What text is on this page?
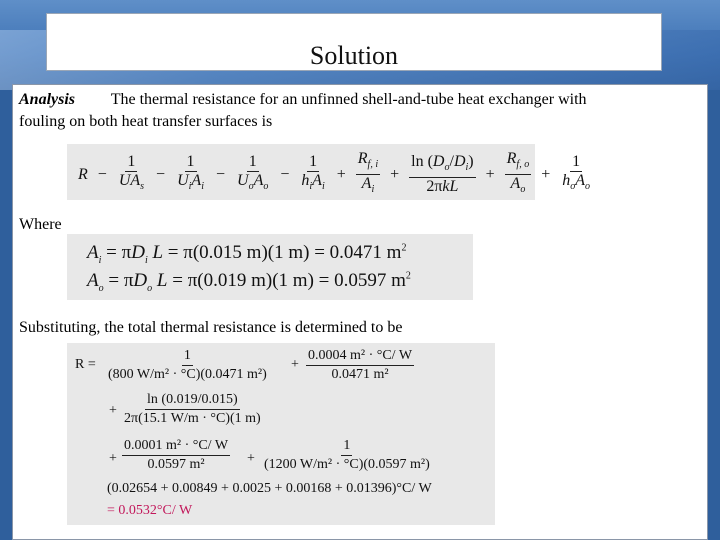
Solution
Analysis The thermal resistance for an unfinned shell-and-tube heat exchanger with
fouling on both heat transfer surfaces is
$R - \frac{1}{UA_s} - \frac{1}{U_iA_i} - \frac{1}{U_oA_o} - \frac{1}{h_iA_i} + \frac{R_{f, i}}{A_i} + \frac{\ln (D_o/D_i)}{\text{2πkL}} + \frac{R_{f, o}}{A_o} + \frac{1}{h_oA_o}$
Where
$A_i = \pi D_i$ L = π(0.015 m)(1 m) = 0.0471 $m^2$
$A_o = \pi D_o$ L = π(0.019 m)(1 m) = 0.0597 $m^2$
Substituting, the total thermal resistance is determined to be
$R = \frac{1}{\text{(800 W/m² · °C)(0.0471 m²)}} + \frac{\text{0.0004 m² · °C/ W}}{\text{0.0471 m²}}$
+ $\frac{\ln (0.019/0.015)}{2\pi(15.1 W/m \cdot ^\circ C)(1 m)}$
+ $\frac{\text{0.0001 m² · °C/ W}}{\text{0.0597 m²}} + \frac{1}{\text{(1200 W/m² · °C)(0.0597 m²)}}$
(0.02654 + 0.00849 + 0.0025 + 0.00168 + 0.01396)°C/ W
= 0.0532°C/ W
